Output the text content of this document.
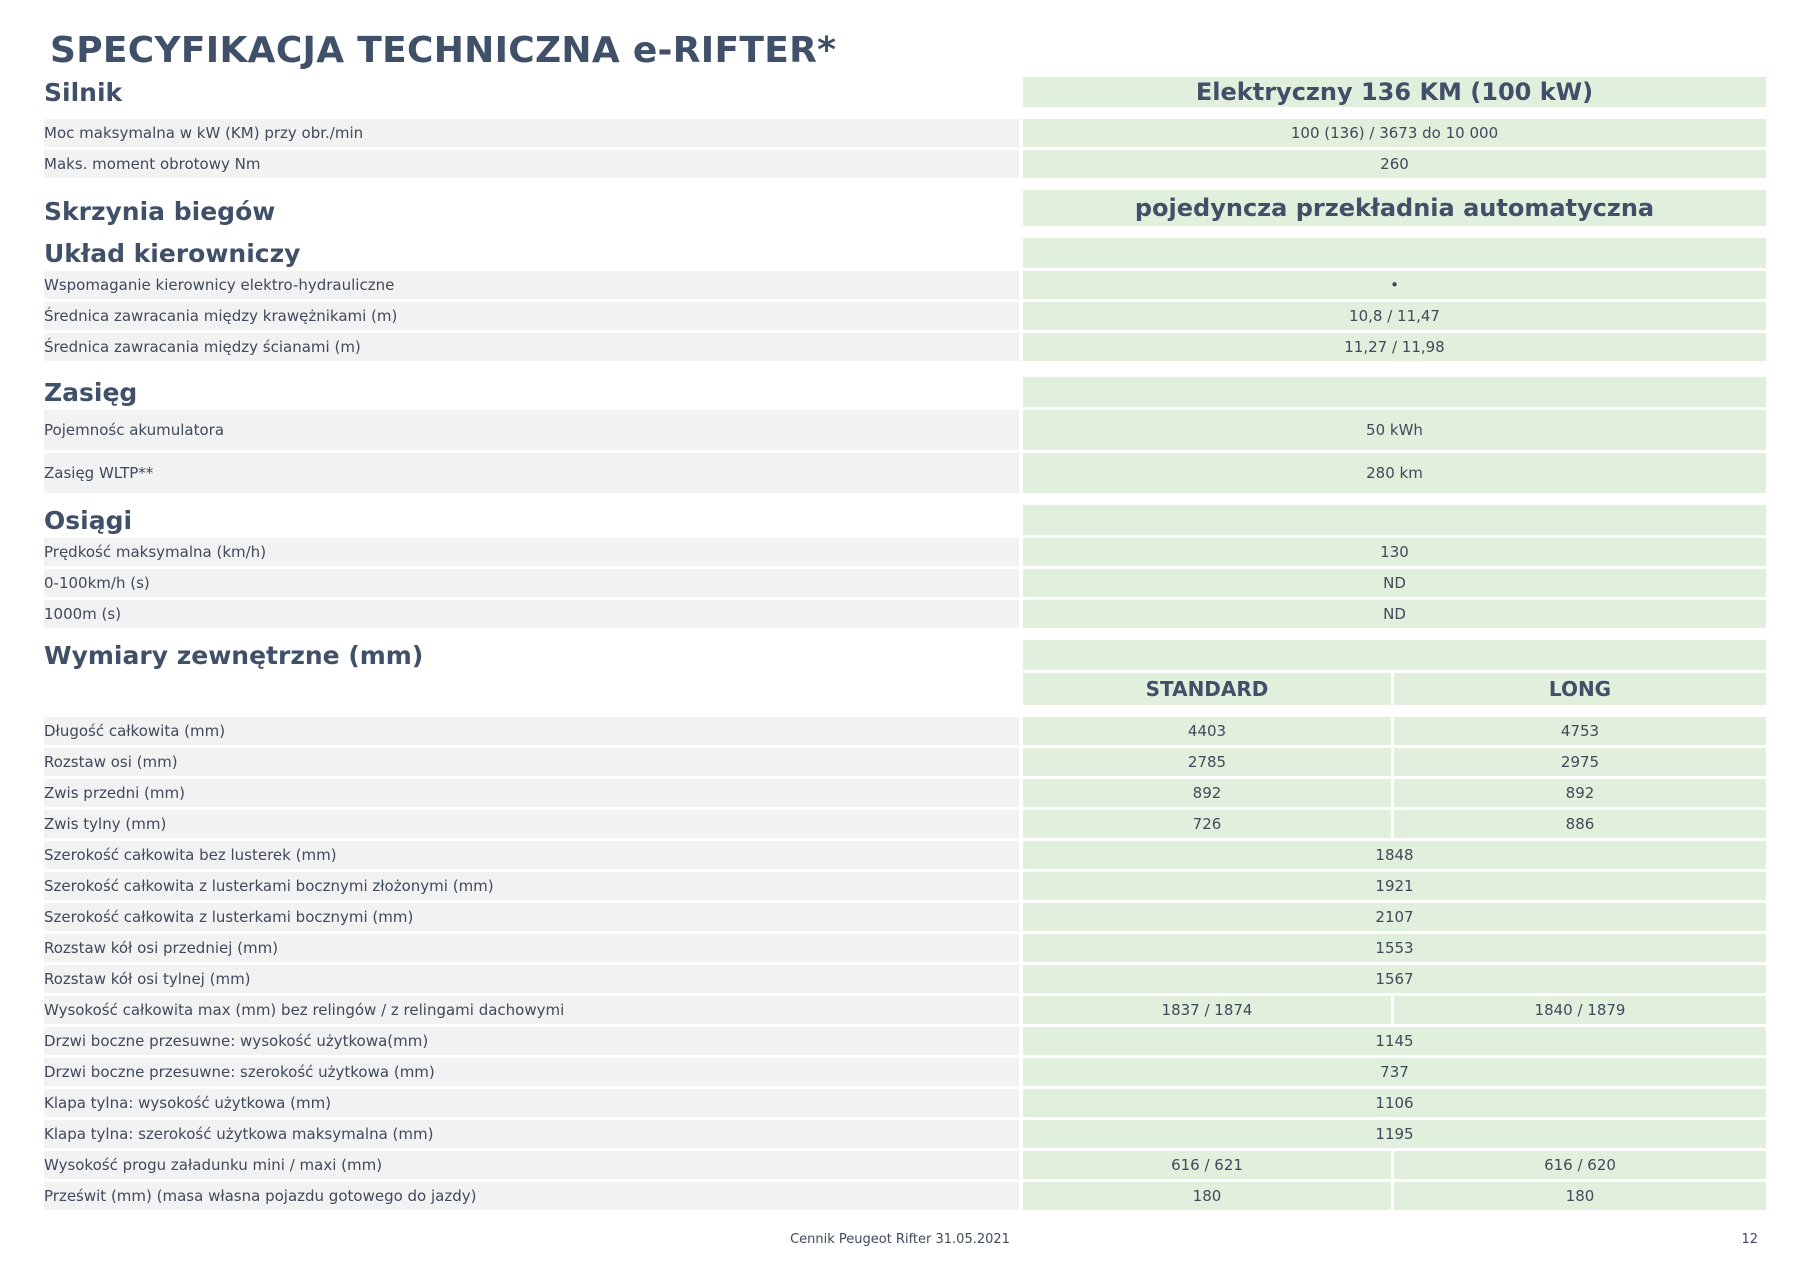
SPECYFIKACJA TECHNICZNA e-RIFTER*
Silnik		Elektryczny 136 KM (100 kW)	

Moc maksymalna w kW (KM) przy obr./min		100 (136) / 3673 do 10 000	
Maks. moment obrotowy Nm		260	

Skrzynia biegów		pojedyncza przekładnia automatyczna	

Układ kierowniczy			
Wspomaganie kierownicy elektro-hydrauliczne		•	
Średnica zawracania między krawężnikami (m)		10,8 / 11,47	
Średnica zawracania między ścianami (m)		11,27 / 11,98	

Zasięg			
Pojemnośc akumulatora		50 kWh	
Zasięg WLTP**		280 km	

Osiągi			
Prędkość maksymalna (km/h)		130	
0-100km/h (s)		ND	
1000m (s)		ND	

Wymiary zewnętrzne (mm)			
		STANDARD	LONG

Długość całkowita (mm)		4403	4753
Rozstaw osi (mm)		2785	2975
Zwis przedni (mm)		892	892
Zwis tylny (mm)		726	886
Szerokość całkowita bez lusterek (mm)		1848	
Szerokość całkowita z lusterkami bocznymi złożonymi (mm)		1921	
Szerokość całkowita z lusterkami bocznymi (mm)		2107	
Rozstaw kół osi przedniej (mm)		1553	
Rozstaw kół osi tylnej (mm)		1567	
Wysokość całkowita max (mm) bez relingów / z relingami dachowymi		1837 / 1874	1840 / 1879
Drzwi boczne przesuwne: wysokość użytkowa(mm)		1145	
Drzwi boczne przesuwne: szerokość użytkowa (mm)		737	
Klapa tylna: wysokość użytkowa (mm)		1106	
Klapa tylna: szerokość użytkowa maksymalna (mm)		1195	
Wysokość progu załadunku mini / maxi (mm)		616 / 621	616 / 620
Prześwit (mm) (masa własna pojazdu gotowego do jazdy)		180	180
Cennik Peugeot Rifter 31.05.2021	12
